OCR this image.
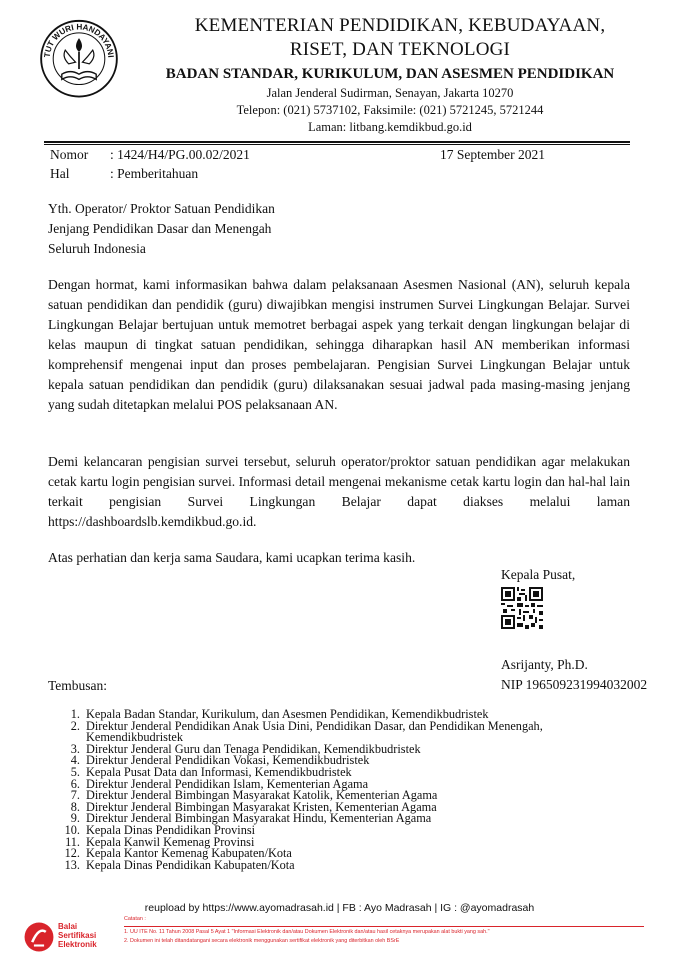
TUT WURI HANDAYANI
KEMENTERIAN PENDIDIKAN, KEBUDAYAAN,
RISET, DAN TEKNOLOGI
BADAN STANDAR, KURIKULUM, DAN ASESMEN PENDIDIKAN
Jalan Jenderal Sudirman, Senayan, Jakarta 10270
Telepon: (021) 5737102, Faksimile: (021) 5721245, 5721244
Laman: litbang.kemdikbud.go.id
Nomor : 1424/H4/PG.00.02/2021	17 September 2021
Hal	: Pemberitahuan
Yth. Operator/ Proktor Satuan Pendidikan
Jenjang Pendidikan Dasar dan Menengah
Seluruh Indonesia
Dengan hormat, kami informasikan bahwa dalam pelaksanaan Asesmen Nasional (AN), seluruh kepala satuan pendidikan dan pendidik (guru) diwajibkan mengisi instrumen Survei Lingkungan Belajar. Survei Lingkungan Belajar bertujuan untuk memotret berbagai aspek yang terkait dengan lingkungan belajar di kelas maupun di tingkat satuan pendidikan, sehingga diharapkan hasil AN memberikan informasi komprehensif mengenai input dan proses pembelajaran. Pengisian Survei Lingkungan Belajar untuk kepala satuan pendidikan dan pendidik (guru) dilaksanakan sesuai jadwal pada masing-masing jenjang yang sudah ditetapkan melalui POS pelaksanaan AN.
Demi kelancaran pengisian survei tersebut, seluruh operator/proktor satuan pendidikan agar melakukan cetak kartu login pengisian survei. Informasi detail mengenai mekanisme cetak kartu login dan hal-hal lain terkait pengisian Survei Lingkungan Belajar dapat diakses melalui laman https://dashboardslb.kemdikbud.go.id.
Atas perhatian dan kerja sama Saudara, kami ucapkan terima kasih.
Kepala Pusat,
Asrijanty, Ph.D.
NIP 196509231994032002
Tembusan:
1. Kepala Badan Standar, Kurikulum, dan Asesmen Pendidikan, Kemendikbudristek
2. Direktur Jenderal Pendidikan Anak Usia Dini, Pendidikan Dasar, dan Pendidikan Menengah, Kemendikbudristek
3. Direktur Jenderal Guru dan Tenaga Pendidikan, Kemendikbudristek
4. Direktur Jenderal Pendidikan Vokasi, Kemendikbudristek
5. Kepala Pusat Data dan Informasi, Kemendikbudristek
6. Direktur Jenderal Pendidikan Islam, Kementerian Agama
7. Direktur Jenderal Bimbingan Masyarakat Katolik, Kementerian Agama
8. Direktur Jenderal Bimbingan Masyarakat Kristen, Kementerian Agama
9. Direktur Jenderal Bimbingan Masyarakat Hindu, Kementerian Agama
10. Kepala Dinas Pendidikan Provinsi
11. Kepala Kanwil Kemenag Provinsi
12. Kepala Kantor Kemenag Kabupaten/Kota
13. Kepala Dinas Pendidikan Kabupaten/Kota
reupload by https://www.ayomadrasah.id | FB : Ayo Madrasah | IG : @ayomadrasah
Balai
Sertifikasi
Elektronik
Catatan :
1. UU ITE No. 11 Tahun 2008 Pasal 5 Ayat 1 "Informasi Elektronik dan/atau Dokumen Elektronik dan/atau hasil cetaknya merupakan alat bukti yang sah."
2. Dokumen ini telah ditandatangani secara elektronik menggunakan sertifikat elektronik yang diterbitkan oleh BSrE
